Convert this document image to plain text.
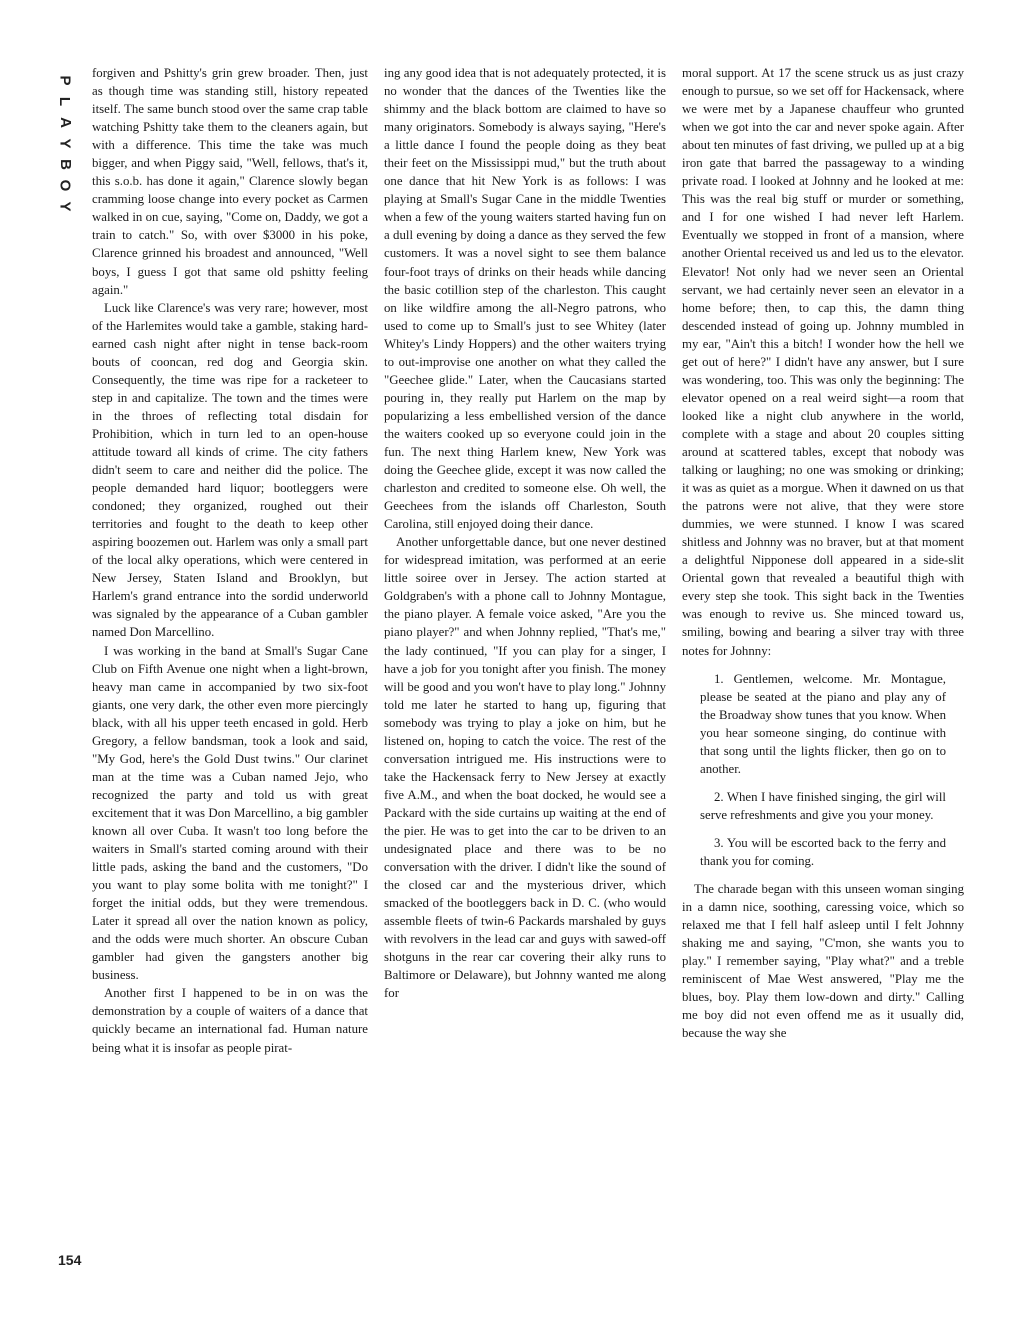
P
L
A
Y
B
O
Y
154

forgiven and Pshitty's grin grew broader. Then, just as though time was standing still, history repeated itself. The same bunch stood over the same crap table watching Pshitty take them to the cleaners again, but with a difference. This time the take was much bigger, and when Piggy said, "Well, fellows, that's it, this s.o.b. has done it again," Clarence slowly began cramming loose change into every pocket as Carmen walked in on cue, saying, "Come on, Daddy, we got a train to catch." So, with over $3000 in his poke, Clarence grinned his broadest and announced, "Well boys, I guess I got that same old pshitty feeling again."

Luck like Clarence's was very rare; however, most of the Harlemites would take a gamble, staking hard-earned cash night after night in tense back-room bouts of cooncan, red dog and Georgia skin. Consequently, the time was ripe for a racketeer to step in and capitalize. The town and the times were in the throes of reflecting total disdain for Prohibition, which in turn led to an open-house attitude toward all kinds of crime. The city fathers didn't seem to care and neither did the police. The people demanded hard liquor; bootleggers were condoned; they organized, roughed out their territories and fought to the death to keep other aspiring boozemen out. Harlem was only a small part of the local alky operations, which were centered in New Jersey, Staten Island and Brooklyn, but Harlem's grand entrance into the sordid underworld was signaled by the appearance of a Cuban gambler named Don Marcellino.

I was working in the band at Small's Sugar Cane Club on Fifth Avenue one night when a light-brown, heavy man came in accompanied by two six-foot giants, one very dark, the other even more piercingly black, with all his upper teeth encased in gold. Herb Gregory, a fellow bandsman, took a look and said, "My God, here's the Gold Dust twins." Our clarinet man at the time was a Cuban named Jejo, who recognized the party and told us with great excitement that it was Don Marcellino, a big gambler known all over Cuba. It wasn't too long before the waiters in Small's started coming around with their little pads, asking the band and the customers, "Do you want to play some bolita with me tonight?" I forget the initial odds, but they were tremendous. Later it spread all over the nation known as policy, and the odds were much shorter. An obscure Cuban gambler had given the gangsters another big business.

Another first I happened to be in on was the demonstration by a couple of waiters of a dance that quickly became an international fad. Human nature being what it is insofar as people pirat-

ing any good idea that is not adequately protected, it is no wonder that the dances of the Twenties like the shimmy and the black bottom are claimed to have so many originators. Somebody is always saying, "Here's a little dance I found the people doing as they beat their feet on the Mississippi mud," but the truth about one dance that hit New York is as follows: I was playing at Small's Sugar Cane in the middle Twenties when a few of the young waiters started having fun on a dull evening by doing a dance as they served the few customers. It was a novel sight to see them balance four-foot trays of drinks on their heads while dancing the basic cotillion step of the charleston. This caught on like wildfire among the all-Negro patrons, who used to come up to Small's just to see Whitey (later Whitey's Lindy Hoppers) and the other waiters trying to out-improvise one another on what they called the "Geechee glide." Later, when the Caucasians started pouring in, they really put Harlem on the map by popularizing a less embellished version of the dance the waiters cooked up so everyone could join in the fun. The next thing Harlem knew, New York was doing the Geechee glide, except it was now called the charleston and credited to someone else. Oh well, the Geechees from the islands off Charleston, South Carolina, still enjoyed doing their dance.

Another unforgettable dance, but one never destined for widespread imitation, was performed at an eerie little soiree over in Jersey. The action started at Goldgraben's with a phone call to Johnny Montague, the piano player. A female voice asked, "Are you the piano player?" and when Johnny replied, "That's me," the lady continued, "If you can play for a singer, I have a job for you tonight after you finish. The money will be good and you won't have to play long." Johnny told me later he started to hang up, figuring that somebody was trying to play a joke on him, but he listened on, hoping to catch the voice. The rest of the conversation intrigued me. His instructions were to take the Hackensack ferry to New Jersey at exactly five A.M., and when the boat docked, he would see a Packard with the side curtains up waiting at the end of the pier. He was to get into the car to be driven to an undesignated place and there was to be no conversation with the driver. I didn't like the sound of the closed car and the mysterious driver, which smacked of the bootleggers back in D. C. (who would assemble fleets of twin-6 Packards marshaled by guys with revolvers in the lead car and guys with sawed-off shotguns in the rear car covering their alky runs to Baltimore or Delaware), but Johnny wanted me along for

moral support. At 17 the scene struck us as just crazy enough to pursue, so we set off for Hackensack, where we were met by a Japanese chauffeur who grunted when we got into the car and never spoke again. After about ten minutes of fast driving, we pulled up at a big iron gate that barred the passageway to a winding private road. I looked at Johnny and he looked at me: This was the real big stuff or murder or something, and I for one wished I had never left Harlem. Eventually we stopped in front of a mansion, where another Oriental received us and led us to the elevator. Elevator! Not only had we never seen an Oriental servant, we had certainly never seen an elevator in a home before; then, to cap this, the damn thing descended instead of going up. Johnny mumbled in my ear, "Ain't this a bitch! I wonder how the hell we get out of here?" I didn't have any answer, but I sure was wondering, too. This was only the beginning: The elevator opened on a real weird sight—a room that looked like a night club anywhere in the world, complete with a stage and about 20 couples sitting around at scattered tables, except that nobody was talking or laughing; no one was smoking or drinking; it was as quiet as a morgue. When it dawned on us that the patrons were not alive, that they were store dummies, we were stunned. I know I was scared shitless and Johnny was no braver, but at that moment a delightful Nipponese doll appeared in a side-slit Oriental gown that revealed a beautiful thigh with every step she took. This sight back in the Twenties was enough to revive us. She minced toward us, smiling, bowing and bearing a silver tray with three notes for Johnny:

1. Gentlemen, welcome. Mr. Montague, please be seated at the piano and play any of the Broadway show tunes that you know. When you hear someone singing, do continue with that song until the lights flicker, then go on to another.

2. When I have finished singing, the girl will serve refreshments and give you your money.

3. You will be escorted back to the ferry and thank you for coming.

The charade began with this unseen woman singing in a damn nice, soothing, caressing voice, which so relaxed me that I fell half asleep until I felt Johnny shaking me and saying, "C'mon, she wants you to play." I remember saying, "Play what?" and a treble reminiscent of Mae West answered, "Play me the blues, boy. Play them low-down and dirty." Calling me boy did not even offend me as it usually did, because the way she
